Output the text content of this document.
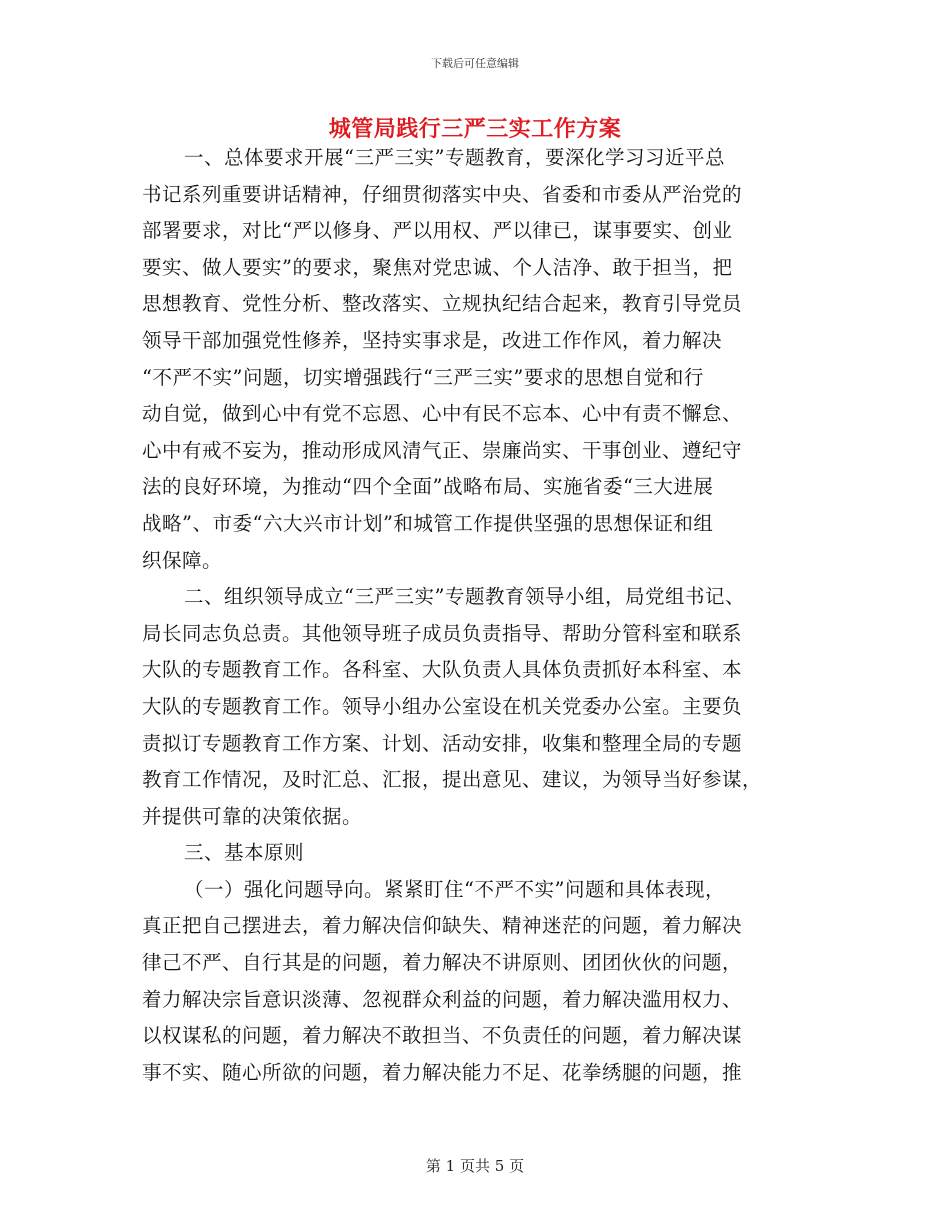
下载后可任意编辑
城管局践行三严三实工作方案
一、总体要求开展“三严三实”专题教育，要深化学习习近平总
书记系列重要讲话精神，仔细贯彻落实中央、省委和市委从严治党的
部署要求，对比“严以修身、严以用权、严以律已，谋事要实、创业
要实、做人要实”的要求，聚焦对党忠诚、个人洁净、敢于担当，把
思想教育、党性分析、整改落实、立规执纪结合起来，教育引导党员
领导干部加强党性修养，坚持实事求是，改进工作作风，着力解决
“不严不实”问题，切实增强践行“三严三实”要求的思想自觉和行
动自觉，做到心中有党不忘恩、心中有民不忘本、心中有责不懈怠、
心中有戒不妄为，推动形成风清气正、崇廉尚实、干事创业、遵纪守
法的良好环境，为推动“四个全面”战略布局、实施省委“三大进展
战略”、市委“六大兴市计划”和城管工作提供坚强的思想保证和组
织保障。
二、组织领导成立“三严三实”专题教育领导小组，局党组书记、
局长同志负总责。其他领导班子成员负责指导、帮助分管科室和联系
大队的专题教育工作。各科室、大队负责人具体负责抓好本科室、本
大队的专题教育工作。领导小组办公室设在机关党委办公室。主要负
责拟订专题教育工作方案、计划、活动安排，收集和整理全局的专题
教育工作情况，及时汇总、汇报，提出意见、建议，为领导当好参谋，
并提供可靠的决策依据。
三、基本原则
（一）强化问题导向。紧紧盯住“不严不实”问题和具体表现，
真正把自己摆进去，着力解决信仰缺失、精神迷茫的问题，着力解决
律己不严、自行其是的问题，着力解决不讲原则、团团伙伙的问题，
着力解决宗旨意识淡薄、忽视群众利益的问题，着力解决滥用权力、
以权谋私的问题，着力解决不敢担当、不负责任的问题，着力解决谋
事不实、随心所欲的问题，着力解决能力不足、花拳绣腿的问题，推
第 1 页共 5 页
